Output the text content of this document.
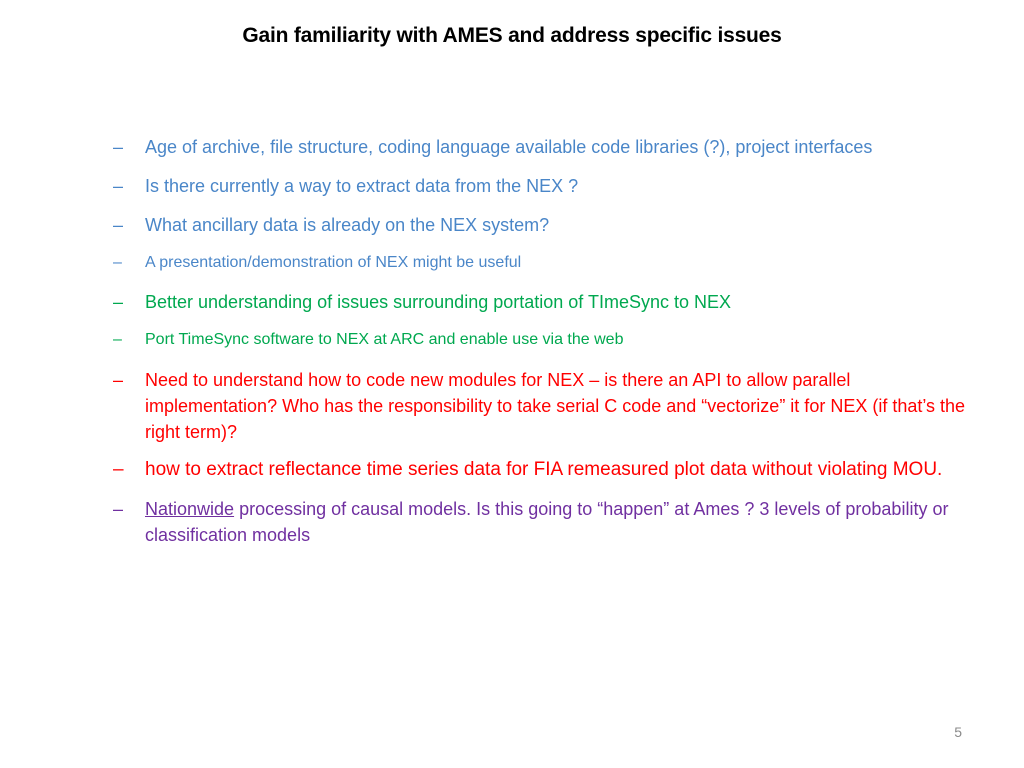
Gain familiarity with AMES and address specific issues
– Age of archive, file structure, coding language available code libraries (?), project interfaces
– Is there currently a way to extract data from the NEX ?
– What ancillary data is already on the NEX system?
– A presentation/demonstration of NEX might be useful
– Better understanding of issues surrounding portation of TImeSync to NEX
– Port TimeSync software to NEX at ARC and enable use via the web
– Need to understand how to code new modules for NEX – is there an API to allow parallel implementation? Who has the responsibility to take serial C code and “vectorize” it for NEX (if that’s the right term)?
– how to extract reflectance time series data for FIA remeasured plot data without violating MOU.
– Nationwide processing of causal models. Is this going to “happen” at Ames ? 3 levels of probability or classification models
5
